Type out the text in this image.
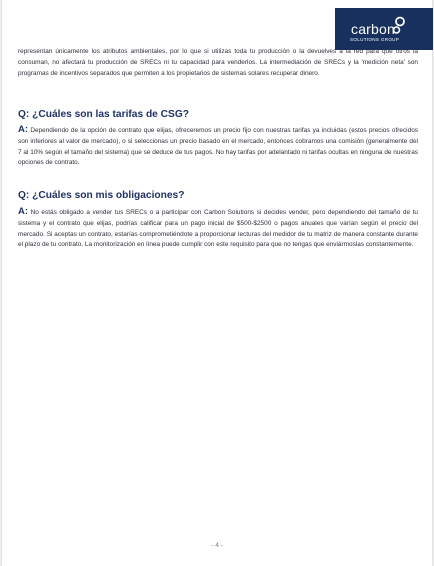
carbon
SOLUTIONS GROUP

representan únicamente los atributos ambientales, por lo que si utilizas toda tu producción o la devuelves a la red para que otros la consuman, no afectará tu producción de SRECs ni tu capacidad para venderlos. La intermediación de SRECs y la 'medición neta' son programas de incentivos separados que permiten a los propietarios de sistemas solares recuperar dinero.

Q: ¿Cuáles son las tarifas de CSG?

A: Dependiendo de la opción de contrato que elijas, ofreceremos un precio fijo con nuestras tarifas ya incluidas (estos precios ofrecidos son inferiores al valor de mercado), o si seleccionas un precio basado en el mercado, entonces cobramos una comisión (generalmente del 7 al 10% según el tamaño del sistema) que se deduce de tus pagos. No hay tarifas por adelantado ni tarifas ocultas en ninguna de nuestras opciones de contrato.

Q: ¿Cuáles son mis obligaciones?

A: No estás obligado a vender tus SRECs o a participar con Carbon Solutions si decides vender, pero dependiendo del tamaño de tu sistema y el contrato que elijas, podrías calificar para un pago inicial de $500-$2500 o pagos anuales que varían según el precio del mercado. Si aceptas un contrato, estarías comprometiéndote a proporcionar lecturas del medidor de tu matriz de manera constante durante el plazo de tu contrato. La monitorización en línea puede cumplir con este requisito para que no tengas que enviármoslas constantemente.

- 4 -
